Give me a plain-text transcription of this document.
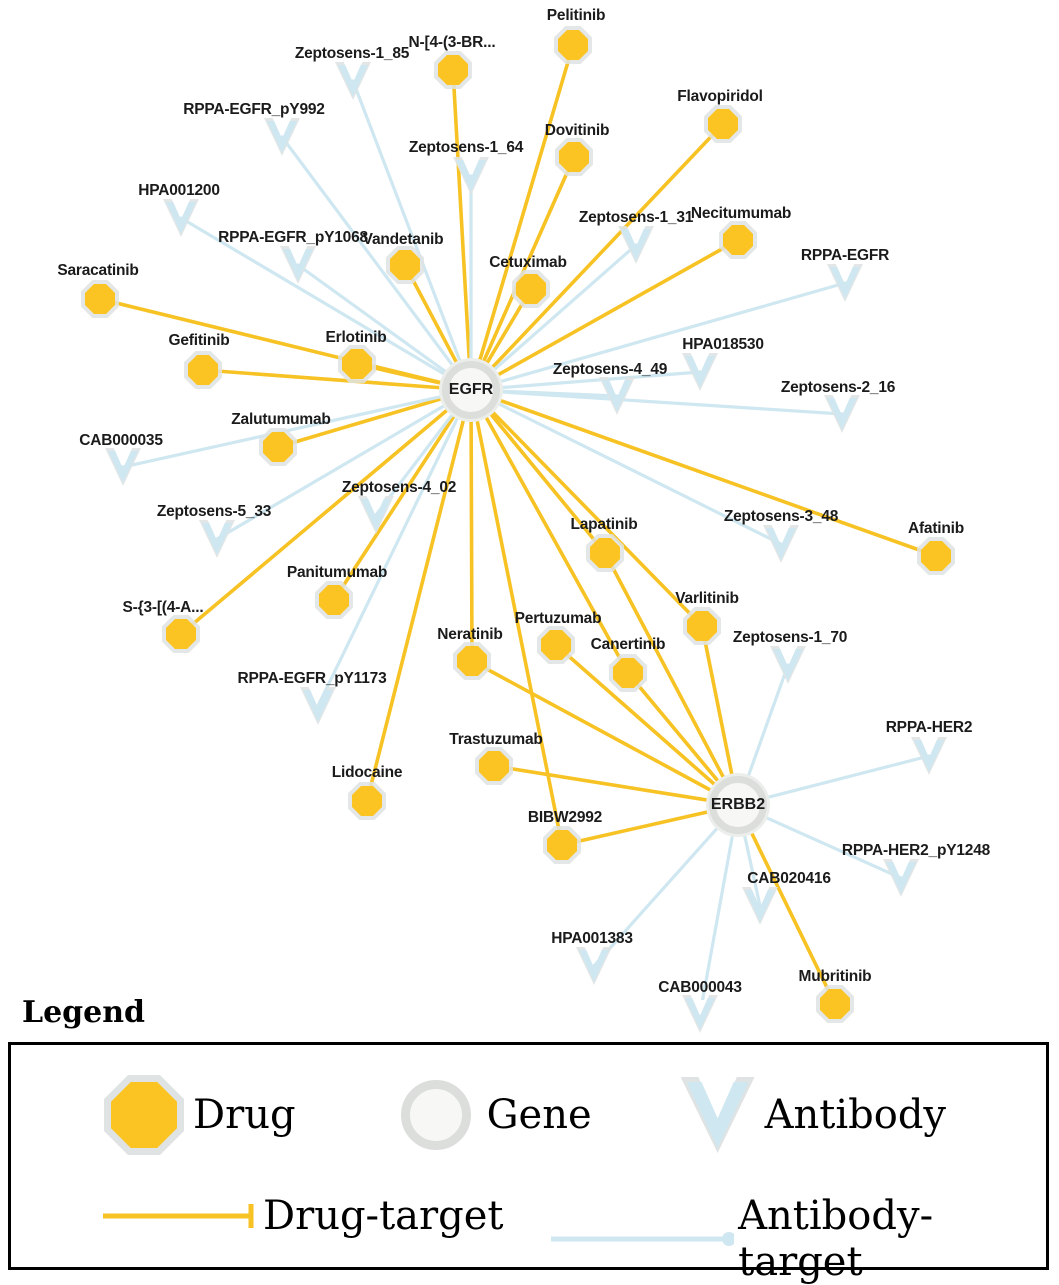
Pelitinib
N-[4-(3-BR...
Flavopiridol
Dovitinib
Necitumumab
Vandetanib
Cetuximab
Saracatinib
Erlotinib
Gefitinib
Zalutumumab
Afatinib
Lapatinib
Panitumumab
Varlitinib
S-{3-[(4-A...
Pertuzumab
Neratinib
Canertinib
Trastuzumab
Lidocaine
BIBW2992
Mubritinib
Zeptosens-1_85
RPPA-EGFR_pY992
Zeptosens-1_64
HPA001200
Zeptosens-1_31
RPPA-EGFR_pY1068
RPPA-EGFR
HPA018530
Zeptosens-4_49
Zeptosens-2_16
CAB000035
Zeptosens-4_02
Zeptosens-5_33	Zeptosens-3_48
Zeptosens-1_70
RPPA-EGFR_pY1173
RPPA-HER2
RPPA-HER2_pY1248
CAB020416
HPA001383
CAB000043
EGFR
ERBB2
Legend
Drug	Gene	Antibody
Drug-target	Antibody-target
